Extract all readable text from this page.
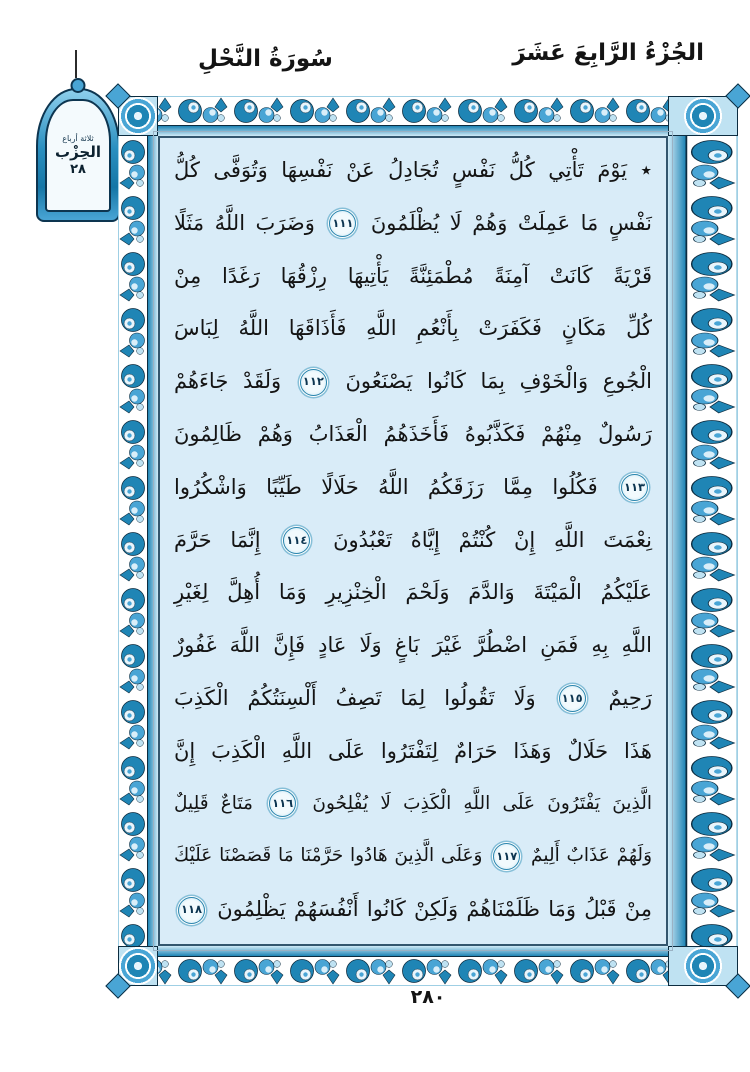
الجُزْءُ الرَّابِعَ عَشَرَ
سُورَةُ النَّحْلِ
ثلاثة أرباع
الحِزْب
٢٨	٭ يَوْمَ تَأْتِي كُلُّ نَفْسٍ تُجَادِلُ عَنْ نَفْسِهَا وَتُوَفَّى كُلُّ
نَفْسٍ مَا عَمِلَتْ وَهُمْ لَا يُظْلَمُونَ
١١١
وَضَرَبَ اللَّهُ مَثَلًا
قَرْيَةً كَانَتْ آمِنَةً مُطْمَئِنَّةً يَأْتِيهَا رِزْقُهَا رَغَدًا مِنْ
كُلِّ مَكَانٍ فَكَفَرَتْ بِأَنْعُمِ اللَّهِ فَأَذَاقَهَا اللَّهُ لِبَاسَ
الْجُوعِ وَالْخَوْفِ بِمَا كَانُوا يَصْنَعُونَ
١١٢
وَلَقَدْ جَاءَهُمْ
رَسُولٌ مِنْهُمْ فَكَذَّبُوهُ فَأَخَذَهُمُ الْعَذَابُ وَهُمْ ظَالِمُونَ
١١٣
فَكُلُوا مِمَّا رَزَقَكُمُ اللَّهُ حَلَالًا طَيِّبًا وَاشْكُرُوا
نِعْمَتَ اللَّهِ إِنْ كُنْتُمْ إِيَّاهُ تَعْبُدُونَ
١١٤
إِنَّمَا حَرَّمَ
عَلَيْكُمُ الْمَيْتَةَ وَالدَّمَ وَلَحْمَ الْخِنْزِيرِ وَمَا أُهِلَّ لِغَيْرِ
اللَّهِ بِهِ فَمَنِ اضْطُرَّ غَيْرَ بَاغٍ وَلَا عَادٍ فَإِنَّ اللَّهَ غَفُورٌ
رَحِيمٌ
١١٥
وَلَا تَقُولُوا لِمَا تَصِفُ أَلْسِنَتُكُمُ الْكَذِبَ
هَذَا حَلَالٌ وَهَذَا حَرَامٌ لِتَفْتَرُوا عَلَى اللَّهِ الْكَذِبَ إِنَّ
الَّذِينَ يَفْتَرُونَ عَلَى اللَّهِ الْكَذِبَ لَا يُفْلِحُونَ
١١٦
مَتَاعٌ قَلِيلٌ
وَلَهُمْ عَذَابٌ أَلِيمٌ
١١٧
وَعَلَى الَّذِينَ هَادُوا حَرَّمْنَا مَا قَصَصْنَا عَلَيْكَ
مِنْ قَبْلُ وَمَا ظَلَمْنَاهُمْ وَلَكِنْ كَانُوا أَنْفُسَهُمْ يَظْلِمُونَ
١١٨
٢٨٠
